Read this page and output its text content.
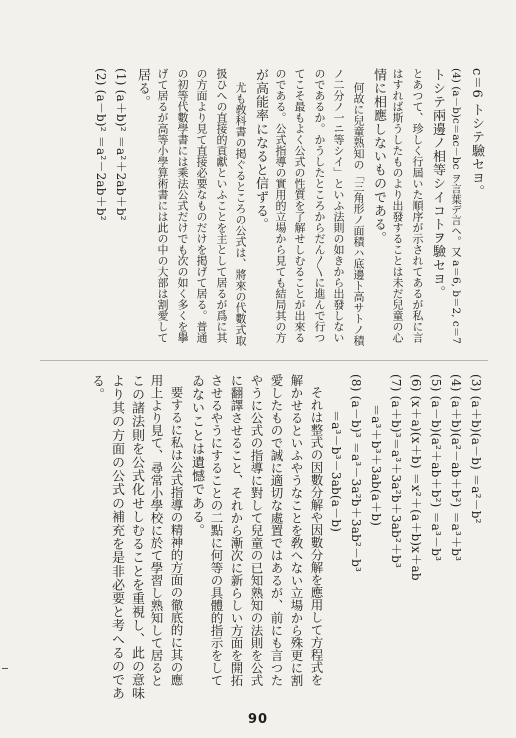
c＝6 トシテ驗セヨ。
(4) (a－b)c＝ac－bc ヲ言葉デ言ヘ。又 a＝6, b＝2, c＝7
トシテ兩邊ノ相等シイコトヲ驗セヨ。
とあつて、珍しく行屆いた順序が示されてあるが私に言
はすれば斯うしたものより出發することは未だ兒童の心
情に相應しないものである。
何故に兒童熟知の「三角形ノ面積ハ底邊ト高サトノ積
ノ二分ノ一ニ等シイ」といふ法則の如きから出發しない
のであるか。かうしたところからだん〳〵に進んで行つ
てこそ最もよく公式の性質を了解せしむることが出來る
のである。公式指導の實用的立場から見ても結局其の方
が高能率になると信ずる。
尤も敎科書の掲ぐるところの公式は、將來の代數式取
扱ひへの直接的貢獻といふことを主として居るが爲に其
の方面より見て直接必要なものだけを掲げて居る。普通
の初等代數學書には乘法公式だけでも次の如く多くを擧
げて居るが高等小學算術書には此の中の大部は割愛して
居る。
(1) (a＋b)² ＝a²＋2ab＋b²
(2) (a－b)² ＝a²－2ab＋b²
(3) (a＋b)(a－b) ＝a²－b²
(4) (a＋b)(a²－ab＋b²) ＝a³＋b³
(5) (a－b)(a²＋ab＋b²) ＝a³－b³
(6) (x＋a)(x＋b) ＝x²＋(a＋b)x＋ab
(7) (a＋b)³＝a³＋3a²b＋3ab²＋b³
＝a³＋b³＋3ab(a＋b)
(8) (a－b)³ ＝a³－3a²b＋3ab²－b³
＝a³－b³－3ab(a－b)
それは整式の因數分解や因數分解を應用して方程式を
解かせるといふやうなことを敎へない立場から殊更に割
愛したもので誠に適切な處置ではあるが、前にも言つた
やうに公式の指導に對して兒童の已知熟知の法則を公式
に翻譯させること、それから漸次に新らしい方面を開拓
させるやうにすることの二點に何等の具體的指示をして
ゐないことは遺憾である。
要するに私は公式指導の精神的方面の徹底的に其の應
用上より見て、尋常小學校に於て學習し熟知して居ると
この諸法則を公式化せしむることを重視し、此の意味
より其の方面の公式の補充を是非必要と考へるのであ
る。
90
